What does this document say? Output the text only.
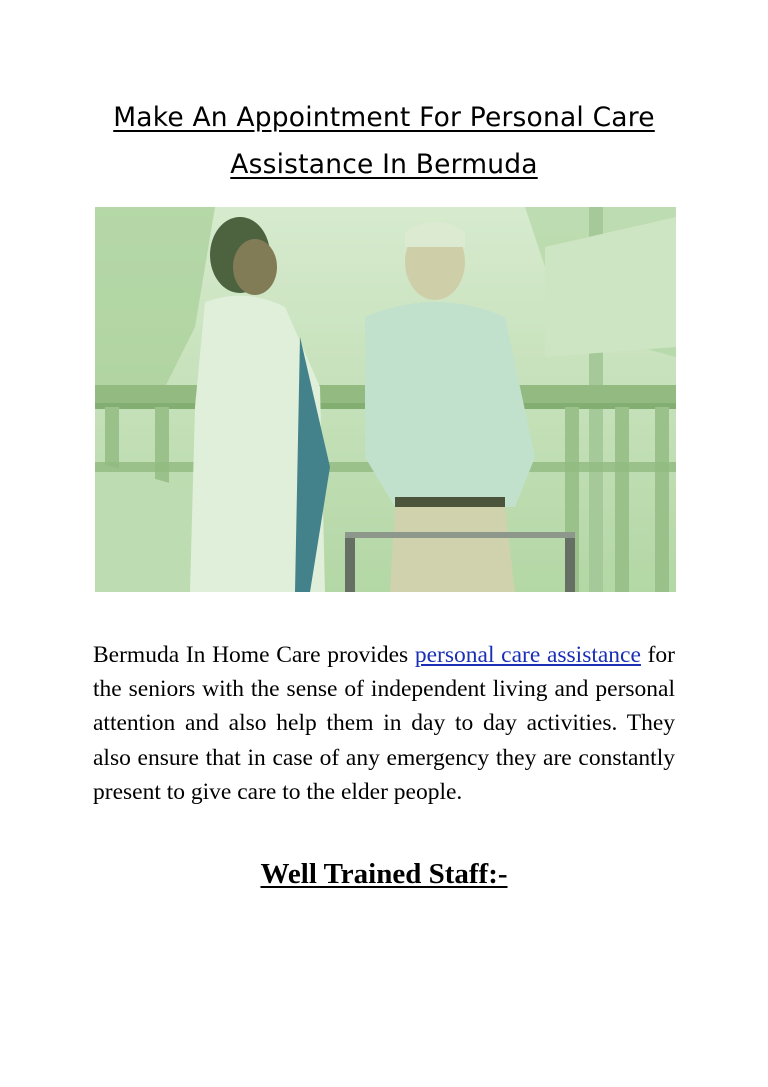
Make An Appointment For Personal Care Assistance In Bermuda

Bermuda In Home Care provides personal care assistance for the seniors with the sense of independent living and personal attention and also help them in day to day activities. They also ensure that in case of any emergency they are constantly present to give care to the elder people.

Well Trained Staff:-
